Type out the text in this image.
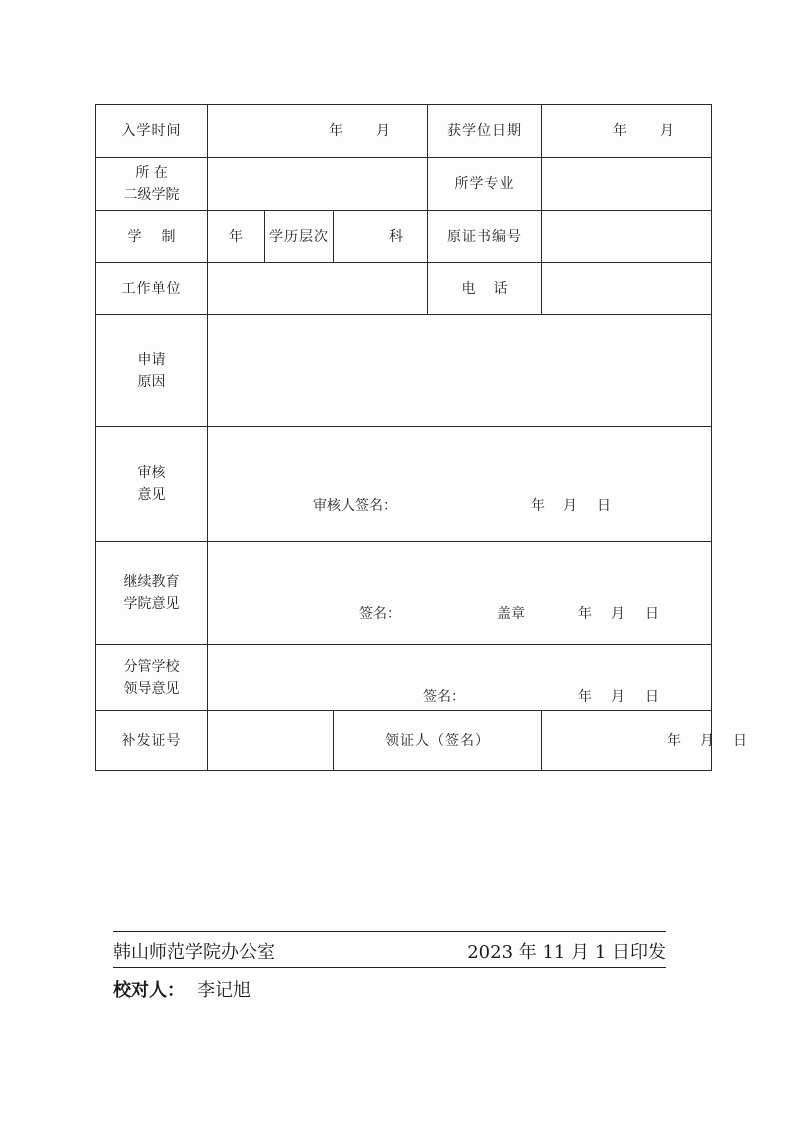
入学时间	年 月			获学位日期	年 月

所 在
二级学院				所学专业	
学制	年	学历层次	科	原证书编号	
工作单位				电话	

申请
原因					

审核
意见	审核人签名： 年 月 日				

继续教育
学院意见	签名： 盖章 年 月 日				

分管学校
领导意见	签名： 年 月 日				

补发证号			领证人（签名）		年 月 日
韩山师范学院办公室	2023 年 11 月 1 日印发
校对人： 李记旭
